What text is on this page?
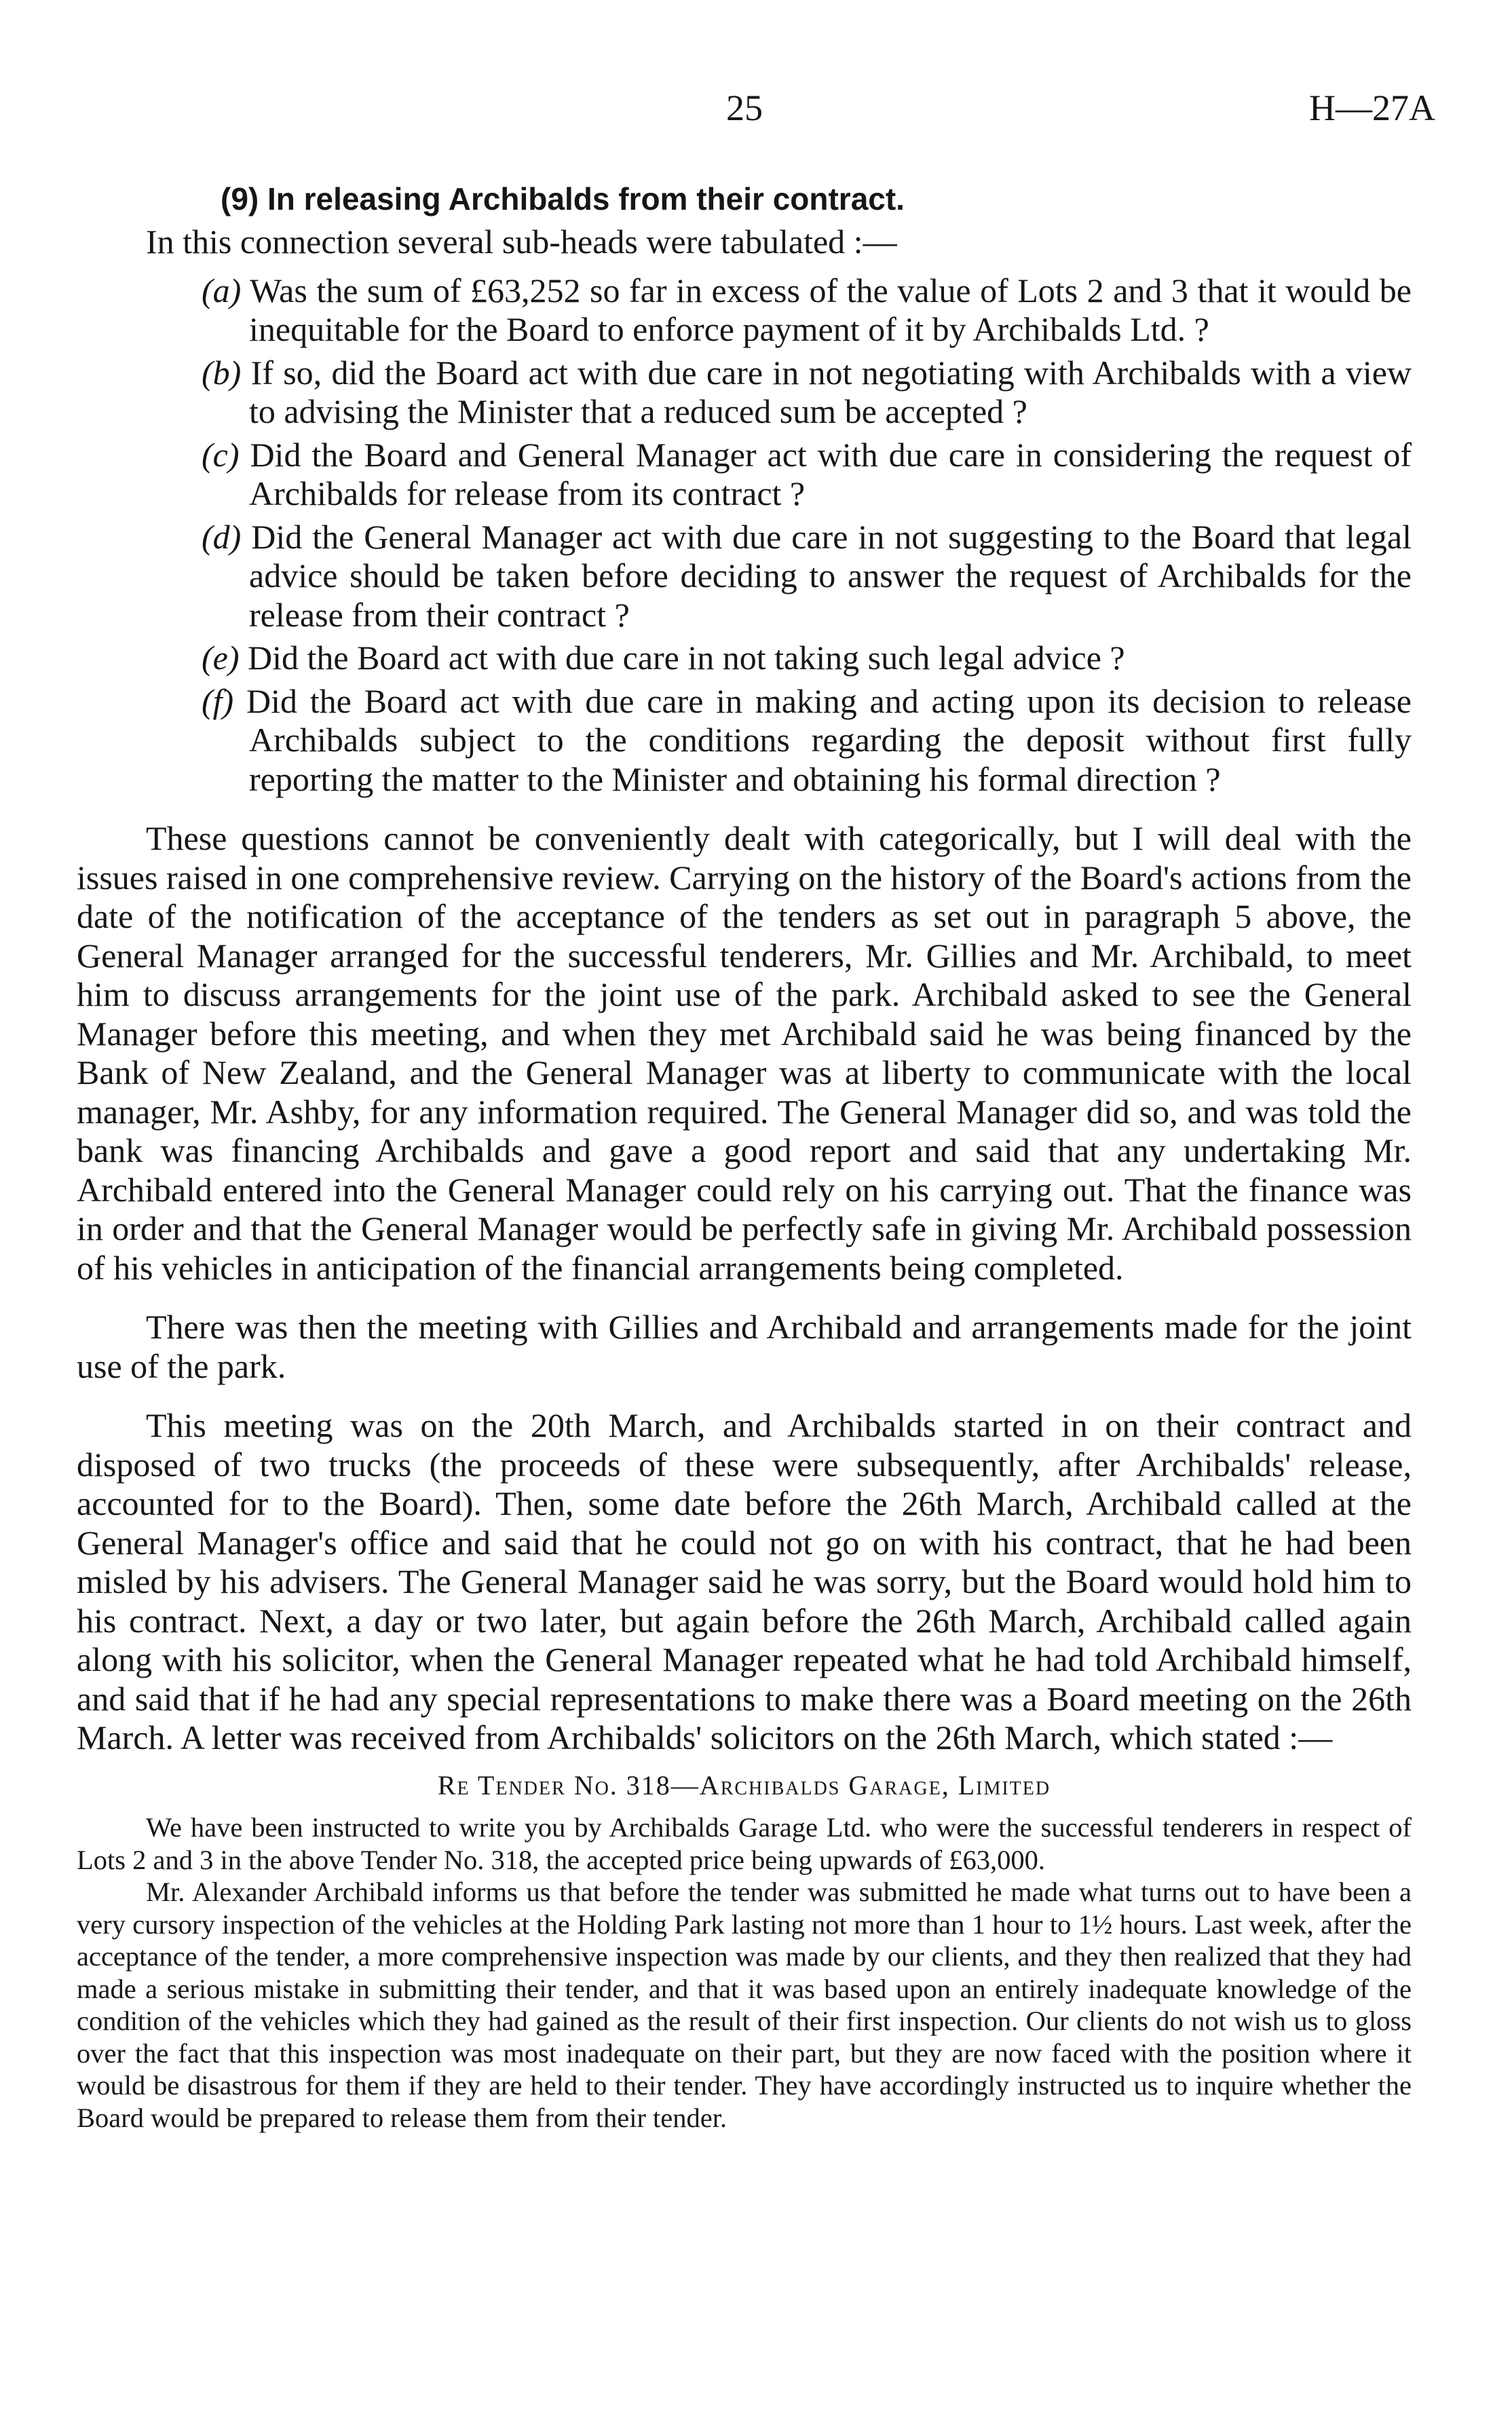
25	H—27A
(9) In releasing Archibalds from their contract.

In this connection several sub-heads were tabulated :—

(a) Was the sum of £63,252 so far in excess of the value of Lots 2 and 3 that it would be inequitable for the Board to enforce payment of it by Archibalds Ltd. ?
(b) If so, did the Board act with due care in not negotiating with Archibalds with a view to advising the Minister that a reduced sum be accepted ?
(c) Did the Board and General Manager act with due care in considering the request of Archibalds for release from its contract ?
(d) Did the General Manager act with due care in not suggesting to the Board that legal advice should be taken before deciding to answer the request of Archibalds for the release from their contract ?
(e) Did the Board act with due care in not taking such legal advice ?
(f) Did the Board act with due care in making and acting upon its decision to release Archibalds subject to the conditions regarding the deposit without first fully reporting the matter to the Minister and obtaining his formal direction ?

These questions cannot be conveniently dealt with categorically, but I will deal with the issues raised in one comprehensive review. Carrying on the history of the Board's actions from the date of the notification of the acceptance of the tenders as set out in paragraph 5 above, the General Manager arranged for the successful tenderers, Mr. Gillies and Mr. Archibald, to meet him to discuss arrangements for the joint use of the park. Archibald asked to see the General Manager before this meeting, and when they met Archibald said he was being financed by the Bank of New Zealand, and the General Manager was at liberty to communicate with the local manager, Mr. Ashby, for any information required. The General Manager did so, and was told the bank was financing Archibalds and gave a good report and said that any undertaking Mr. Archibald entered into the General Manager could rely on his carrying out. That the finance was in order and that the General Manager would be perfectly safe in giving Mr. Archibald possession of his vehicles in anticipation of the financial arrangements being completed.

There was then the meeting with Gillies and Archibald and arrangements made for the joint use of the park.

This meeting was on the 20th March, and Archibalds started in on their contract and disposed of two trucks (the proceeds of these were subsequently, after Archibalds' release, accounted for to the Board). Then, some date before the 26th March, Archibald called at the General Manager's office and said that he could not go on with his contract, that he had been misled by his advisers. The General Manager said he was sorry, but the Board would hold him to his contract. Next, a day or two later, but again before the 26th March, Archibald called again along with his solicitor, when the General Manager repeated what he had told Archibald himself, and said that if he had any special representations to make there was a Board meeting on the 26th March. A letter was received from Archibalds' solicitors on the 26th March, which stated :—

Re Tender No. 318—Archibalds Garage, Limited

We have been instructed to write you by Archibalds Garage Ltd. who were the successful tenderers in respect of Lots 2 and 3 in the above Tender No. 318, the accepted price being upwards of £63,000.

Mr. Alexander Archibald informs us that before the tender was submitted he made what turns out to have been a very cursory inspection of the vehicles at the Holding Park lasting not more than 1 hour to 1½ hours. Last week, after the acceptance of the tender, a more comprehensive inspection was made by our clients, and they then realized that they had made a serious mistake in submitting their tender, and that it was based upon an entirely inadequate knowledge of the condition of the vehicles which they had gained as the result of their first inspection. Our clients do not wish us to gloss over the fact that this inspection was most inadequate on their part, but they are now faced with the position where it would be disastrous for them if they are held to their tender. They have accordingly instructed us to inquire whether the Board would be prepared to release them from their tender.
